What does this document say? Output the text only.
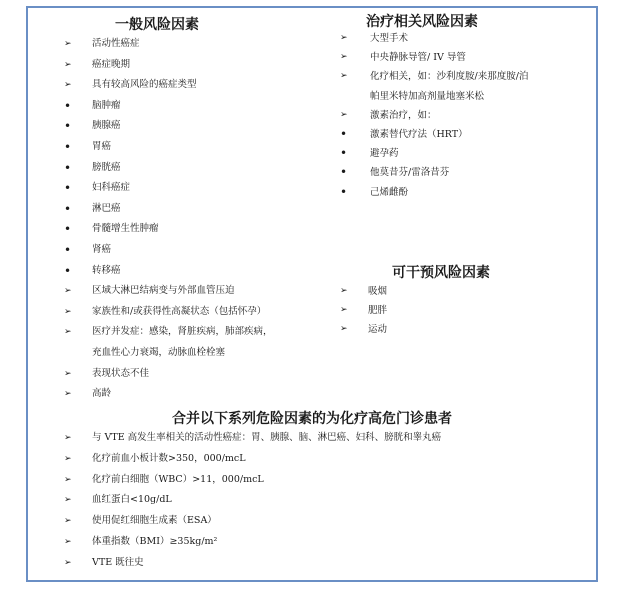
一般风险因素
➢ 活动性癌症
➢ 癌症晚期
➢ 具有较高风险的癌症类型
• 脑肿瘤
• 胰腺癌
• 胃癌
• 膀胱癌
• 妇科癌症
• 淋巴癌
• 骨髓增生性肿瘤
• 肾癌
• 转移癌
➢ 区域大淋巴结病变与外部血管压迫
➢ 家族性和/或获得性高凝状态（包括怀孕）
➢ 医疗并发症：感染，肾脏疾病，肺部疾病，
充血性心力衰竭，动脉血栓栓塞
➢ 表现状态不佳
➢ 高龄
治疗相关风险因素
➢ 大型手术
➢ 中央静脉导管/ IV 导管
➢ 化疗相关，如：沙利度胺/来那度胺/泊
帕里米特加高剂量地塞米松
➢ 激素治疗，如：
• 激素替代疗法（HRT）
• 避孕药
• 他莫昔芬/雷洛昔芬
• 己烯雌酚
可干预风险因素
➢ 吸烟
➢ 肥胖
➢ 运动
合并以下系列危险因素的为化疗高危门诊患者
➢ 与 VTE 高发生率相关的活动性癌症：胃、胰腺、脑、淋巴癌、妇科、膀胱和睾丸癌
➢ 化疗前血小板计数>350，000/mcL
➢ 化疗前白细胞（WBC）>11，000/mcL
➢ 血红蛋白<10g/dL
➢ 使用促红细胞生成素（ESA）
➢ 体重指数（BMI）≥35kg/m²
➢ VTE 既往史
